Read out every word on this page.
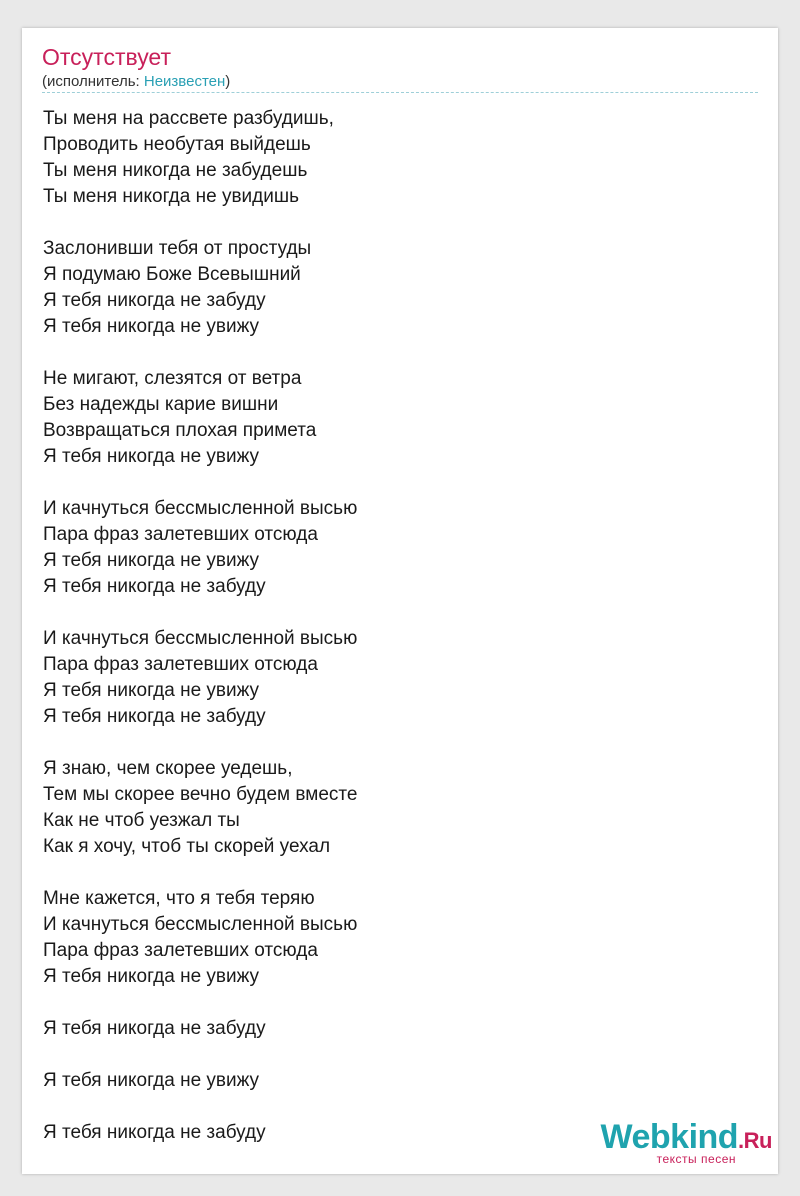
Отсутствует
(исполнитель: Неизвестен)
Ты меня на рассвете разбудишь,
Проводить необутая выйдешь
Ты меня никогда не забудешь
Ты меня никогда не увидишь
Заслонивши тебя от простуды
Я подумаю Боже Всевышний
Я тебя никогда не забуду
Я тебя никогда не увижу
Не мигают, слезятся от ветра
Без надежды карие вишни
Возвращаться плохая примета
Я тебя никогда не увижу
И качнуться бессмысленной высью
Пара фраз залетевших отсюда
Я тебя никогда не увижу
Я тебя никогда не забуду
И качнуться бессмысленной высью
Пара фраз залетевших отсюда
Я тебя никогда не увижу
Я тебя никогда не забуду
Я знаю, чем скорее уедешь,
Тем мы скорее вечно будем вместе
Как не чтоб уезжал ты
Как я хочу, чтоб ты скорей уехал
Мне кажется, что я тебя теряю
И качнуться бессмысленной высью
Пара фраз залетевших отсюда
Я тебя никогда не увижу
Я тебя никогда не забуду
Я тебя никогда не увижу
Я тебя никогда не забуду	Webkind.Ru
тексты песен
